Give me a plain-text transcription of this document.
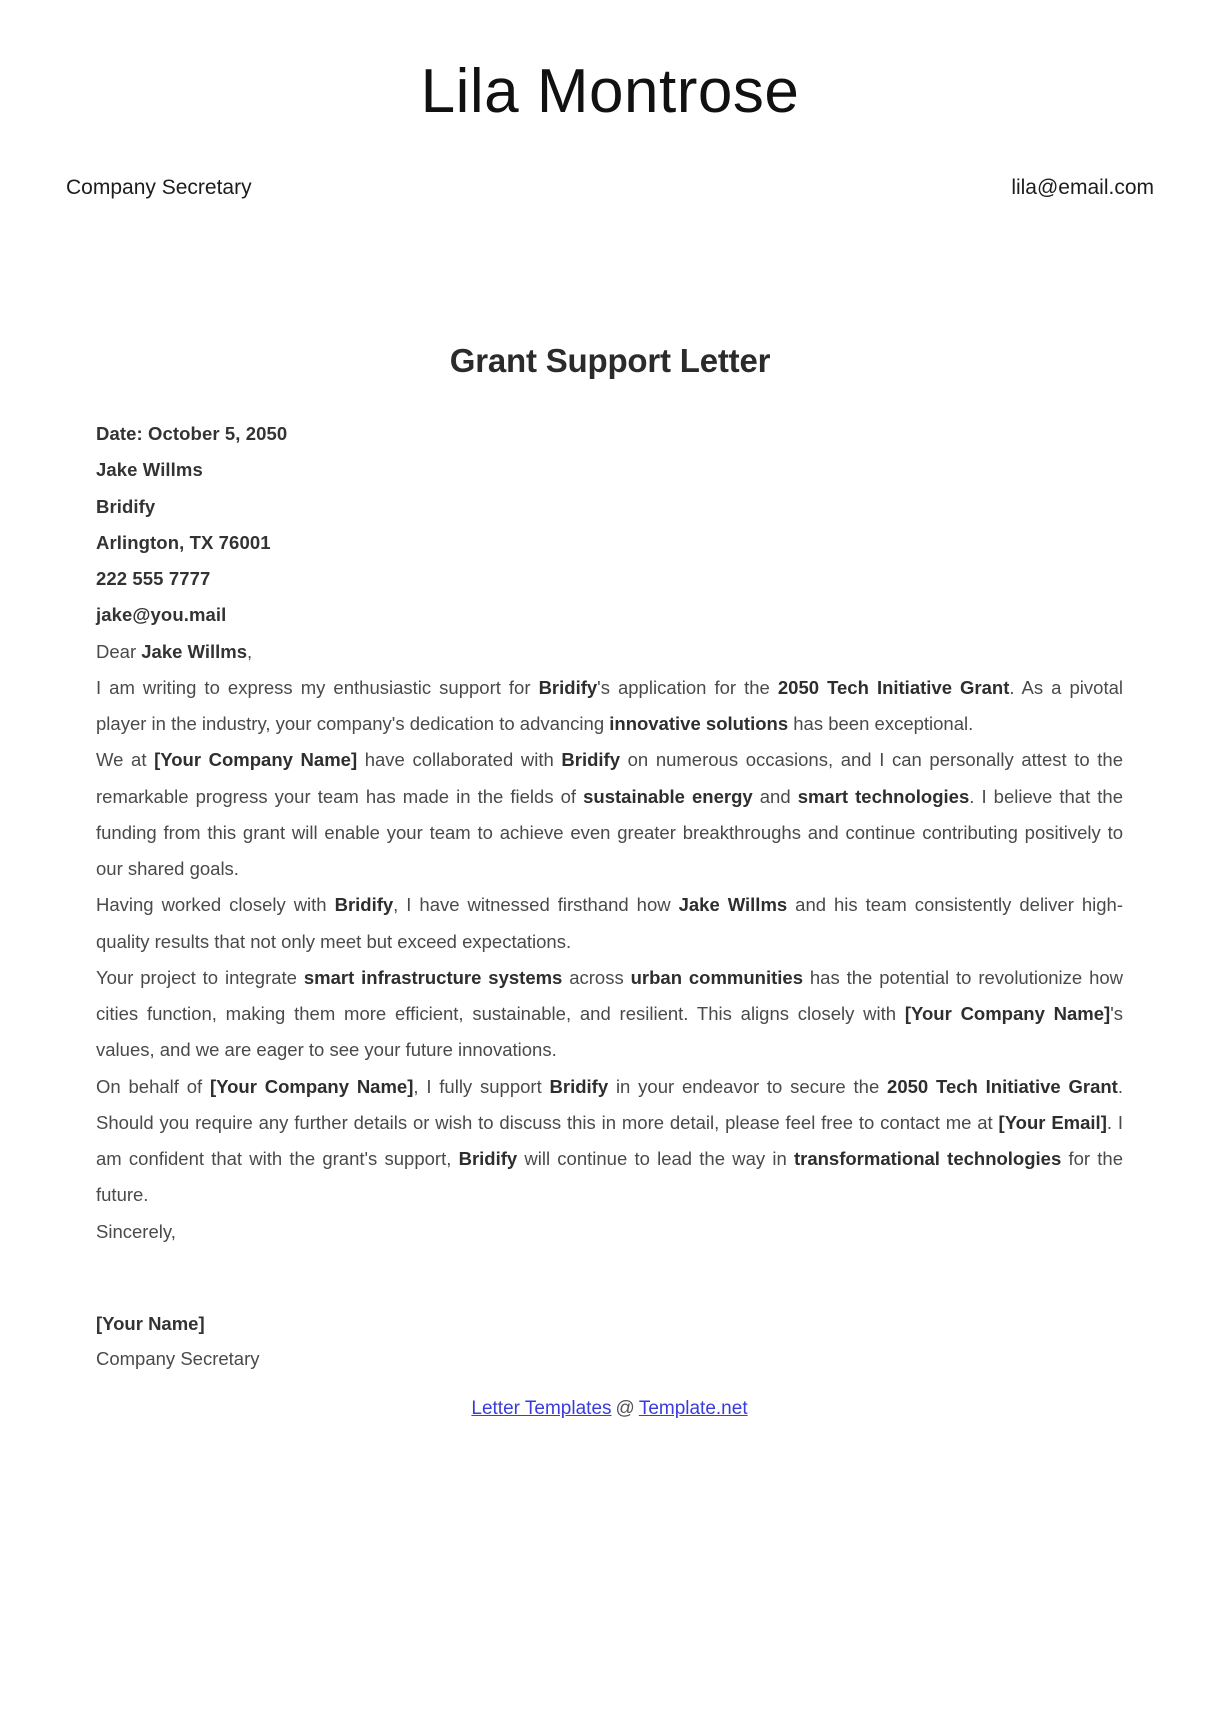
Lila Montrose
Company Secretary	lila@email.com
Grant Support Letter
Date: October 5, 2050
Jake Willms
Bridify
Arlington, TX 76001
222 555 7777
jake@you.mail
Dear Jake Willms,

I am writing to express my enthusiastic support for Bridify's application for the 2050 Tech Initiative Grant. As a pivotal player in the industry, your company's dedication to advancing innovative solutions has been exceptional.

We at [Your Company Name] have collaborated with Bridify on numerous occasions, and I can personally attest to the remarkable progress your team has made in the fields of sustainable energy and smart technologies. I believe that the funding from this grant will enable your team to achieve even greater breakthroughs and continue contributing positively to our shared goals.

Having worked closely with Bridify, I have witnessed firsthand how Jake Willms and his team consistently deliver high-quality results that not only meet but exceed expectations.

Your project to integrate smart infrastructure systems across urban communities has the potential to revolutionize how cities function, making them more efficient, sustainable, and resilient. This aligns closely with [Your Company Name]'s values, and we are eager to see your future innovations.

On behalf of [Your Company Name], I fully support Bridify in your endeavor to secure the 2050 Tech Initiative Grant. Should you require any further details or wish to discuss this in more detail, please feel free to contact me at [Your Email]. I am confident that with the grant's support, Bridify will continue to lead the way in transformational technologies for the future.

Sincerely,

[Your Name]
Company Secretary
Letter Templates @ Template.net
